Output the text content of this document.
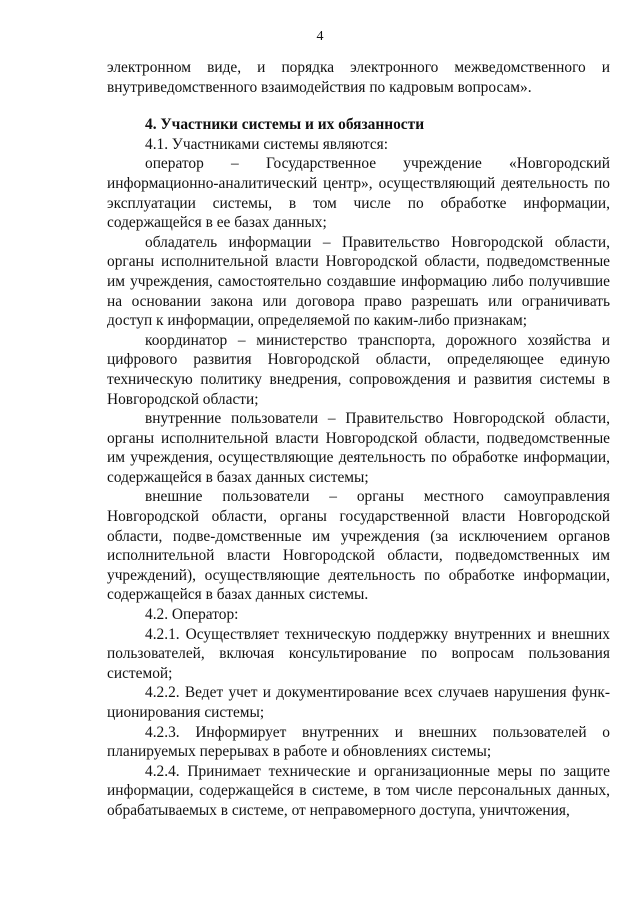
4

электронном виде, и порядка электронного межведомственного и внутриведомственного взаимодействия по кадровым вопросам».

4. Участники системы и их обязанности

4.1. Участниками системы являются:

оператор – Государственное учреждение «Новгородский информационно-аналитический центр», осуществляющий деятельность по эксплуатации системы, в том числе по обработке информации, содержащейся в ее базах данных;

обладатель информации – Правительство Новгородской области, органы исполнительной власти Новгородской области, подведомственные им учреждения, самостоятельно создавшие информацию либо получившие на основании закона или договора право разрешать или ограничивать доступ к информации, определяемой по каким-либо признакам;

координатор – министерство транспорта, дорожного хозяйства и цифрового развития Новгородской области, определяющее единую техническую политику внедрения, сопровождения и развития системы в Новгородской области;

внутренние пользователи – Правительство Новгородской области, органы исполнительной власти Новгородской области, подведомственные им учреждения, осуществляющие деятельность по обработке информации, содержащейся в базах данных системы;

внешние пользователи – органы местного самоуправления Новгородской области, органы государственной власти Новгородской области, подве-домственные им учреждения (за исключением органов исполнительной власти Новгородской области, подведомственных им учреждений), осуществляющие деятельность по обработке информации, содержащейся в базах данных системы.

4.2. Оператор:

4.2.1. Осуществляет техническую поддержку внутренних и внешних пользователей, включая консультирование по вопросам пользования системой;

4.2.2. Ведет учет и документирование всех случаев нарушения функ-ционирования системы;

4.2.3. Информирует внутренних и внешних пользователей о планируемых перерывах в работе и обновлениях системы;

4.2.4. Принимает технические и организационные меры по защите информации, содержащейся в системе, в том числе персональных данных, обрабатываемых в системе, от неправомерного доступа, уничтожения,
